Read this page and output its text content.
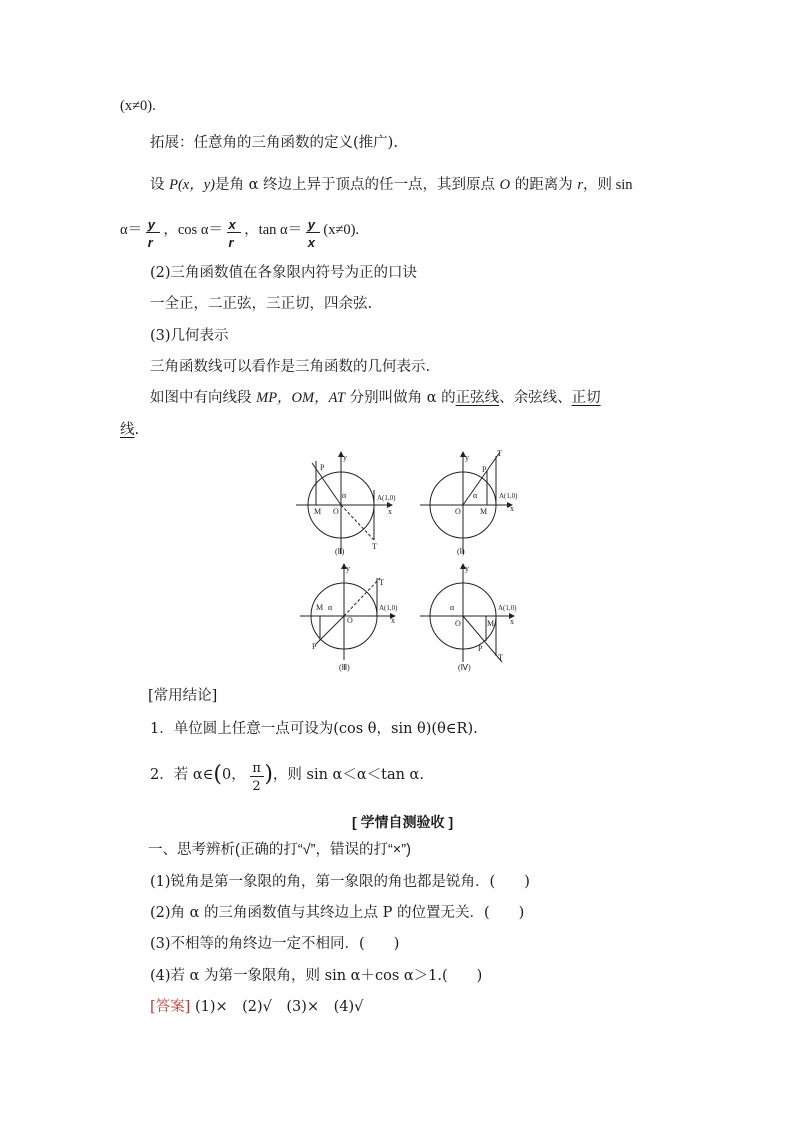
(x≠0).
拓展：任意角的三角函数的定义(推广).
设 P(x，y)是角 α 终边上异于顶点的任一点，其到原点 O 的距离为 r，则 sin
$\alpha= \frac{y}{r}$ ，$\cos \alpha= \frac{x}{r}$ ，$\tan \alpha= \frac{y}{x} (x\ne 0)$.
(2)三角函数值在各象限内符号为正的口诀
一全正，二正弦，三正切，四余弦.
(3)几何表示
三角函数线可以看作是三角函数的几何表示.
如图中有向线段 MP，OM，AT 分别叫做角 α 的正弦线、余弦线、正切
线.
P
y
α	A(1,0)
x
M O
T
(Ⅱ)
y	T
P
α	A(1,0)
x
O M
(Ⅰ)
y
T
M α	A(1,0)
x
O
P
(Ⅲ)
y
α	A(1,0)
x
O	M
P
T
(Ⅳ)
[常用结论]
1．单位圆上任意一点可设为(cos θ，sin θ)(θ∈R).
2．若 α∈(0， $\frac{\pi}{2}$ )，则 sin α＜α＜tan α.
[ 学情自测验收 ]
一、思考辨析(正确的打“√”，错误的打“×”)
(1)锐角是第一象限的角，第一象限的角也都是锐角．(　　)
(2)角 α 的三角函数值与其终边上点 P 的位置无关．(　　)
(3)不相等的角终边一定不相同．(　　)
(4)若 α 为第一象限角，则 sin α＋cos α＞1.(　　)
[答案] (1)×　(2)√　(3)×　(4)√
